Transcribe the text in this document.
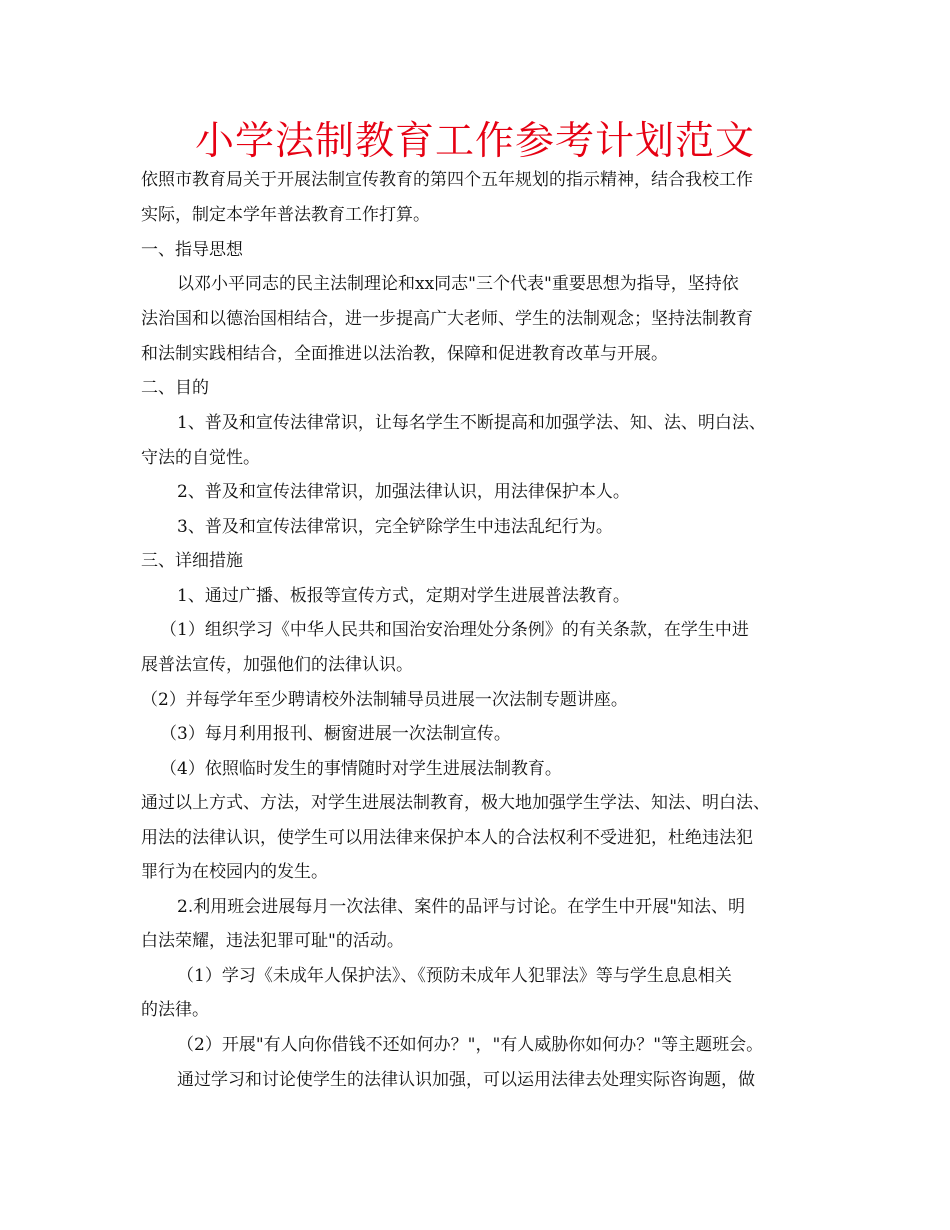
小学法制教育工作参考计划范文
依照市教育局关于开展法制宣传教育的第四个五年规划的指示精神，结合我校工作
实际，制定本学年普法教育工作打算。
一、指导思想
以邓小平同志的民主法制理论和xx同志"三个代表"重要思想为指导，坚持依
法治国和以德治国相结合，进一步提高广大老师、学生的法制观念；坚持法制教育
和法制实践相结合，全面推进以法治教，保障和促进教育改革与开展。
二、目的
1、普及和宣传法律常识，让每名学生不断提高和加强学法、知、法、明白法、
守法的自觉性。
2、普及和宣传法律常识，加强法律认识，用法律保护本人。
3、普及和宣传法律常识，完全铲除学生中违法乱纪行为。
三、详细措施
1、通过广播、板报等宣传方式，定期对学生进展普法教育。
（1）组织学习《中华人民共和国治安治理处分条例》的有关条款，在学生中进
展普法宣传，加强他们的法律认识。
（2）并每学年至少聘请校外法制辅导员进展一次法制专题讲座。
（3）每月利用报刊、橱窗进展一次法制宣传。
（4）依照临时发生的事情随时对学生进展法制教育。
通过以上方式、方法，对学生进展法制教育，极大地加强学生学法、知法、明白法、
用法的法律认识，使学生可以用法律来保护本人的合法权利不受进犯，杜绝违法犯
罪行为在校园内的发生。
2.利用班会进展每月一次法律、案件的品评与讨论。在学生中开展"知法、明
白法荣耀，违法犯罪可耻"的活动。
（1）学习《未成年人保护法》、《预防未成年人犯罪法》等与学生息息相关
的法律。
（2）开展"有人向你借钱不还如何办？"，"有人威胁你如何办？"等主题班会。
通过学习和讨论使学生的法律认识加强，可以运用法律去处理实际咨询题，做
